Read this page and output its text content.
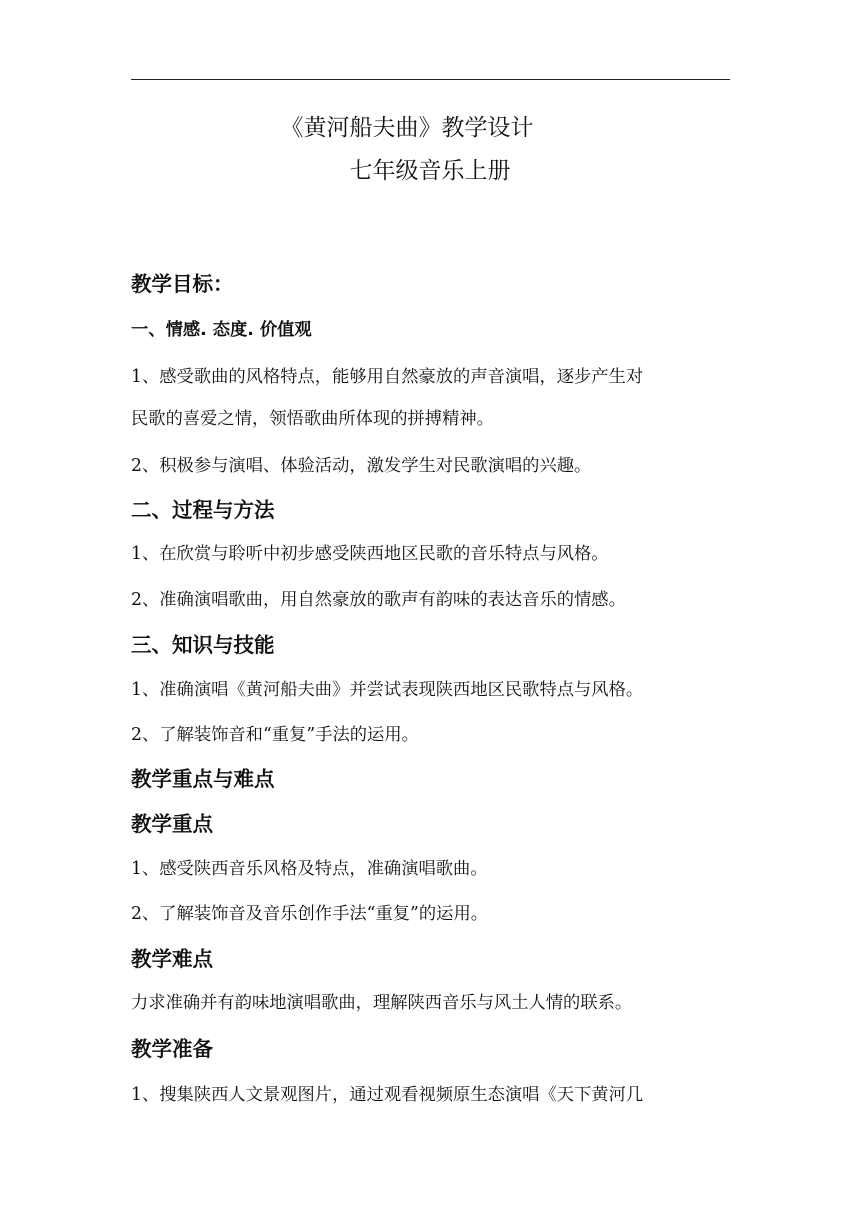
《黄河船夫曲》教学设计
七年级音乐上册
教学目标：
一、情感. 态度. 价值观
1、感受歌曲的风格特点，能够用自然豪放的声音演唱，逐步产生对
民歌的喜爱之情，领悟歌曲所体现的拼搏精神。
2、积极参与演唱、体验活动，激发学生对民歌演唱的兴趣。
二、过程与方法
1、在欣赏与聆听中初步感受陕西地区民歌的音乐特点与风格。
2、准确演唱歌曲，用自然豪放的歌声有韵味的表达音乐的情感。
三、知识与技能
1、准确演唱《黄河船夫曲》并尝试表现陕西地区民歌特点与风格。
2、了解装饰音和“重复”手法的运用。
教学重点与难点
教学重点
1、感受陕西音乐风格及特点，准确演唱歌曲。
2、了解装饰音及音乐创作手法“重复”的运用。
教学难点
力求准确并有韵味地演唱歌曲，理解陕西音乐与风土人情的联系。
教学准备
1、搜集陕西人文景观图片，通过观看视频原生态演唱《天下黄河几
